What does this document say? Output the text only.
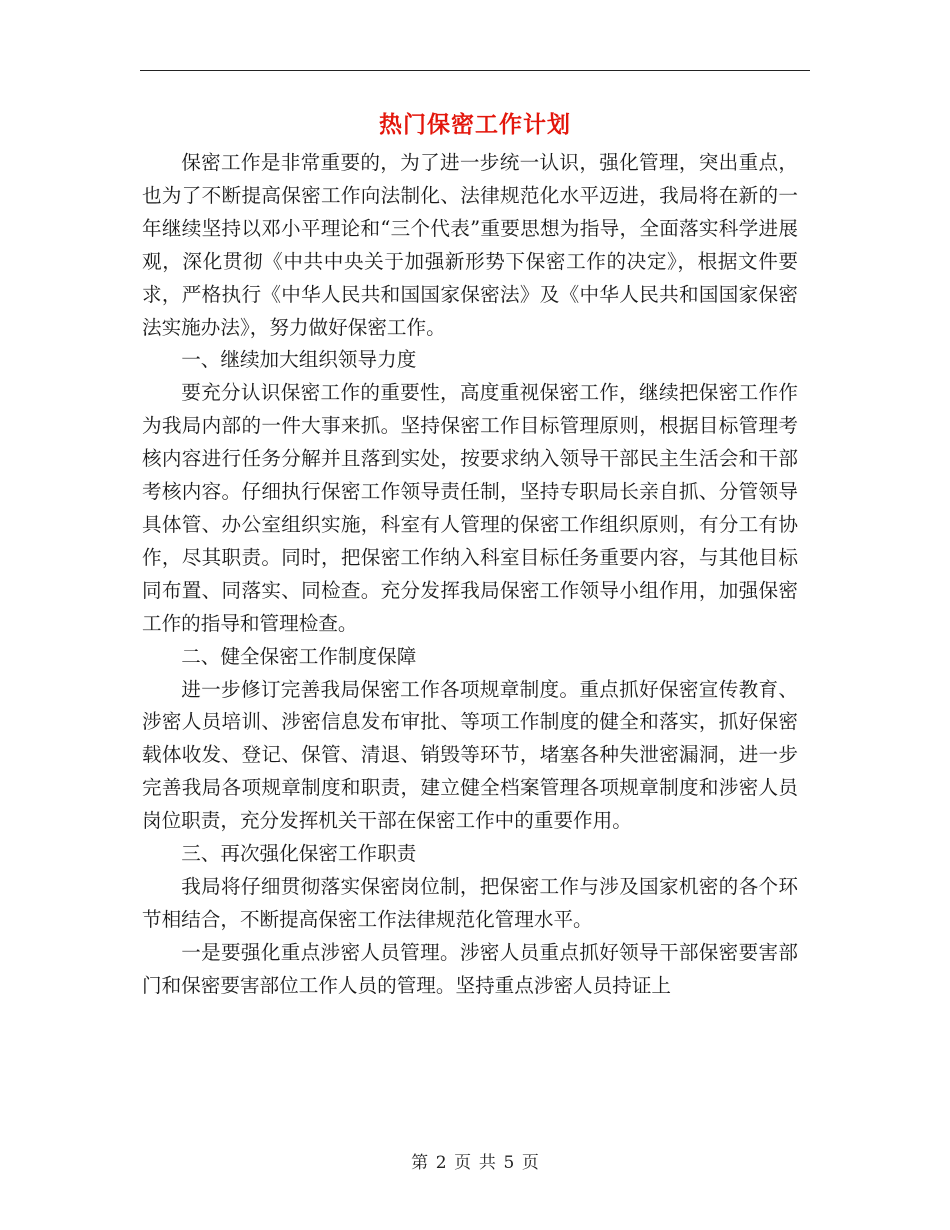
热门保密工作计划

保密工作是非常重要的，为了进一步统一认识，强化管理，突出重点，也为了不断提高保密工作向法制化、法律规范化水平迈进，我局将在新的一年继续坚持以邓小平理论和“三个代表”重要思想为指导，全面落实科学进展观，深化贯彻《中共中央关于加强新形势下保密工作的决定》，根据文件要求，严格执行《中华人民共和国国家保密法》及《中华人民共和国国家保密法实施办法》，努力做好保密工作。

一、继续加大组织领导力度

要充分认识保密工作的重要性，高度重视保密工作，继续把保密工作作为我局内部的一件大事来抓。坚持保密工作目标管理原则，根据目标管理考核内容进行任务分解并且落到实处，按要求纳入领导干部民主生活会和干部考核内容。仔细执行保密工作领导责任制，坚持专职局长亲自抓、分管领导具体管、办公室组织实施，科室有人管理的保密工作组织原则，有分工有协作，尽其职责。同时，把保密工作纳入科室目标任务重要内容，与其他目标同布置、同落实、同检查。充分发挥我局保密工作领导小组作用，加强保密工作的指导和管理检查。

二、健全保密工作制度保障

进一步修订完善我局保密工作各项规章制度。重点抓好保密宣传教育、涉密人员培训、涉密信息发布审批、等项工作制度的健全和落实，抓好保密载体收发、登记、保管、清退、销毁等环节，堵塞各种失泄密漏洞，进一步完善我局各项规章制度和职责，建立健全档案管理各项规章制度和涉密人员岗位职责，充分发挥机关干部在保密工作中的重要作用。

三、再次强化保密工作职责

我局将仔细贯彻落实保密岗位制，把保密工作与涉及国家机密的各个环节相结合，不断提高保密工作法律规范化管理水平。

一是要强化重点涉密人员管理。涉密人员重点抓好领导干部保密要害部门和保密要害部位工作人员的管理。坚持重点涉密人员持证上

第 2 页 共 5 页
